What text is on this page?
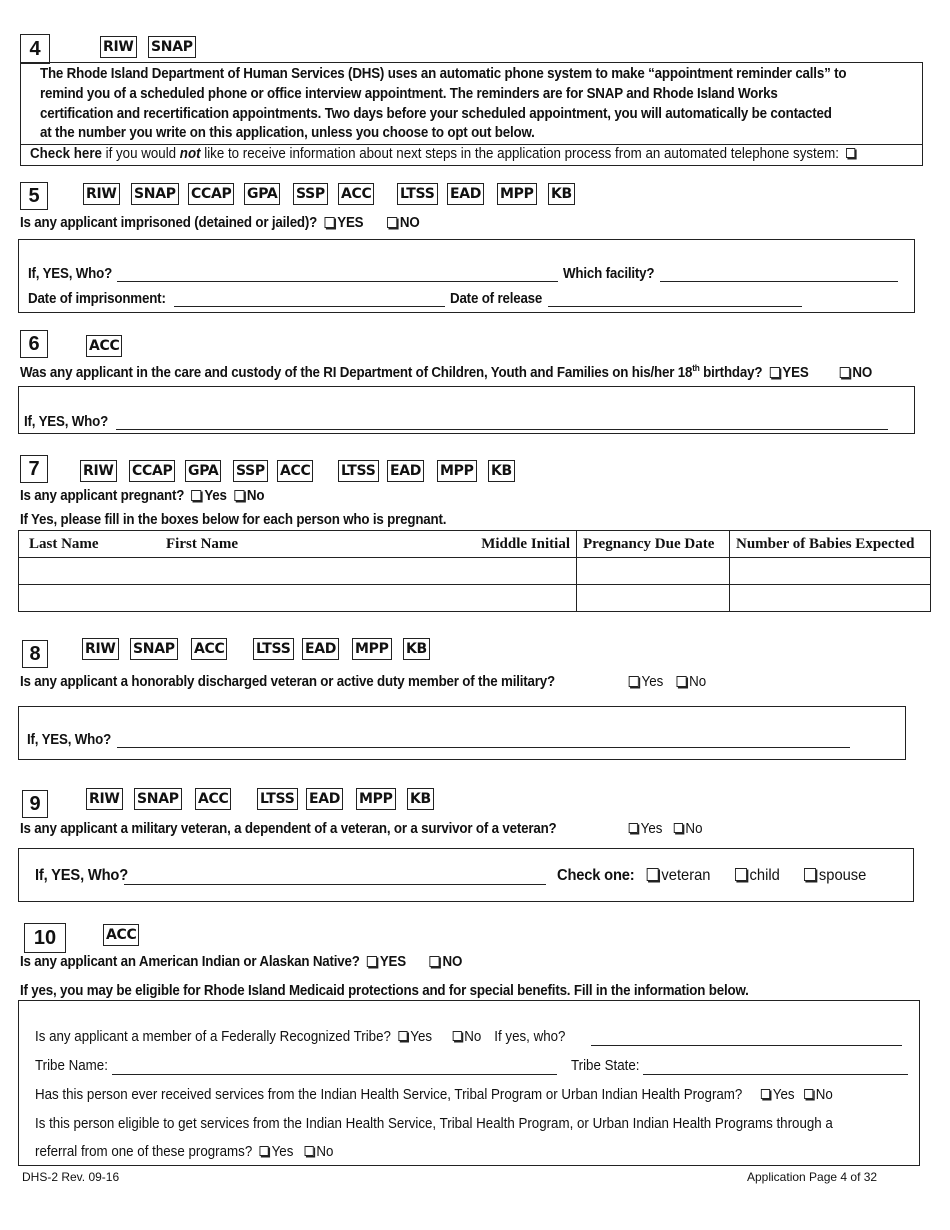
4	RIW SNAP
The Rhode Island Department of Human Services (DHS) uses an automatic phone system to make “appointment reminder calls” to
remind you of a scheduled phone or office interview appointment. The reminders are for SNAP and Rhode Island Works
certification and recertification appointments. Two days before your scheduled appointment, you will automatically be contacted
at the number you write on this application, unless you choose to opt out below.
Check here if you would not like to receive information about next steps in the application process from an automated telephone system:
5	RIW SNAP CCAP GPA SSP ACC LTSS EAD MPP KB
Is any applicant imprisoned (detained or jailed)? YES	NO
If, YES, Who?	Which facility?
Date of imprisonment:	Date of release
6	ACC
Was any applicant in the care and custody of the RI Department of Children, Youth and Families on his/her 18th birthday? YES	NO
If, YES, Who?
7	RIW CCAP GPA SSP ACC LTSS EAD MPP KB
Is any applicant pregnant? Yes No
If Yes, please fill in the boxes below for each person who is pregnant.
Last Name	First Name	Middle Initial	Pregnancy Due Date	Number of Babies Expected

8	RIW SNAP ACC LTSS EAD MPP KB
Is any applicant a honorably discharged veteran or active duty member of the military?	Yes No
If, YES, Who?
9	RIW SNAP ACC LTSS EAD MPP KB
Is any applicant a military veteran, a dependent of a veteran, or a survivor of a veteran?	Yes No
If, YES, Who?	Check one:	veteran child spouse
10	ACC
Is any applicant an American Indian or Alaskan Native? YES	NO
If yes, you may be eligible for Rhode Island Medicaid protections and for special benefits. Fill in the information below.
Is any applicant a member of a Federally Recognized Tribe? Yes No If yes, who?
Tribe Name:	Tribe State:
Has this person ever received services from the Indian Health Service, Tribal Program or Urban Indian Health Program? Yes No
Is this person eligible to get services from the Indian Health Service, Tribal Health Program, or Urban Indian Health Programs through a
referral from one of these programs? Yes No
DHS-2 Rev. 09-16	Application Page 4 of 32
